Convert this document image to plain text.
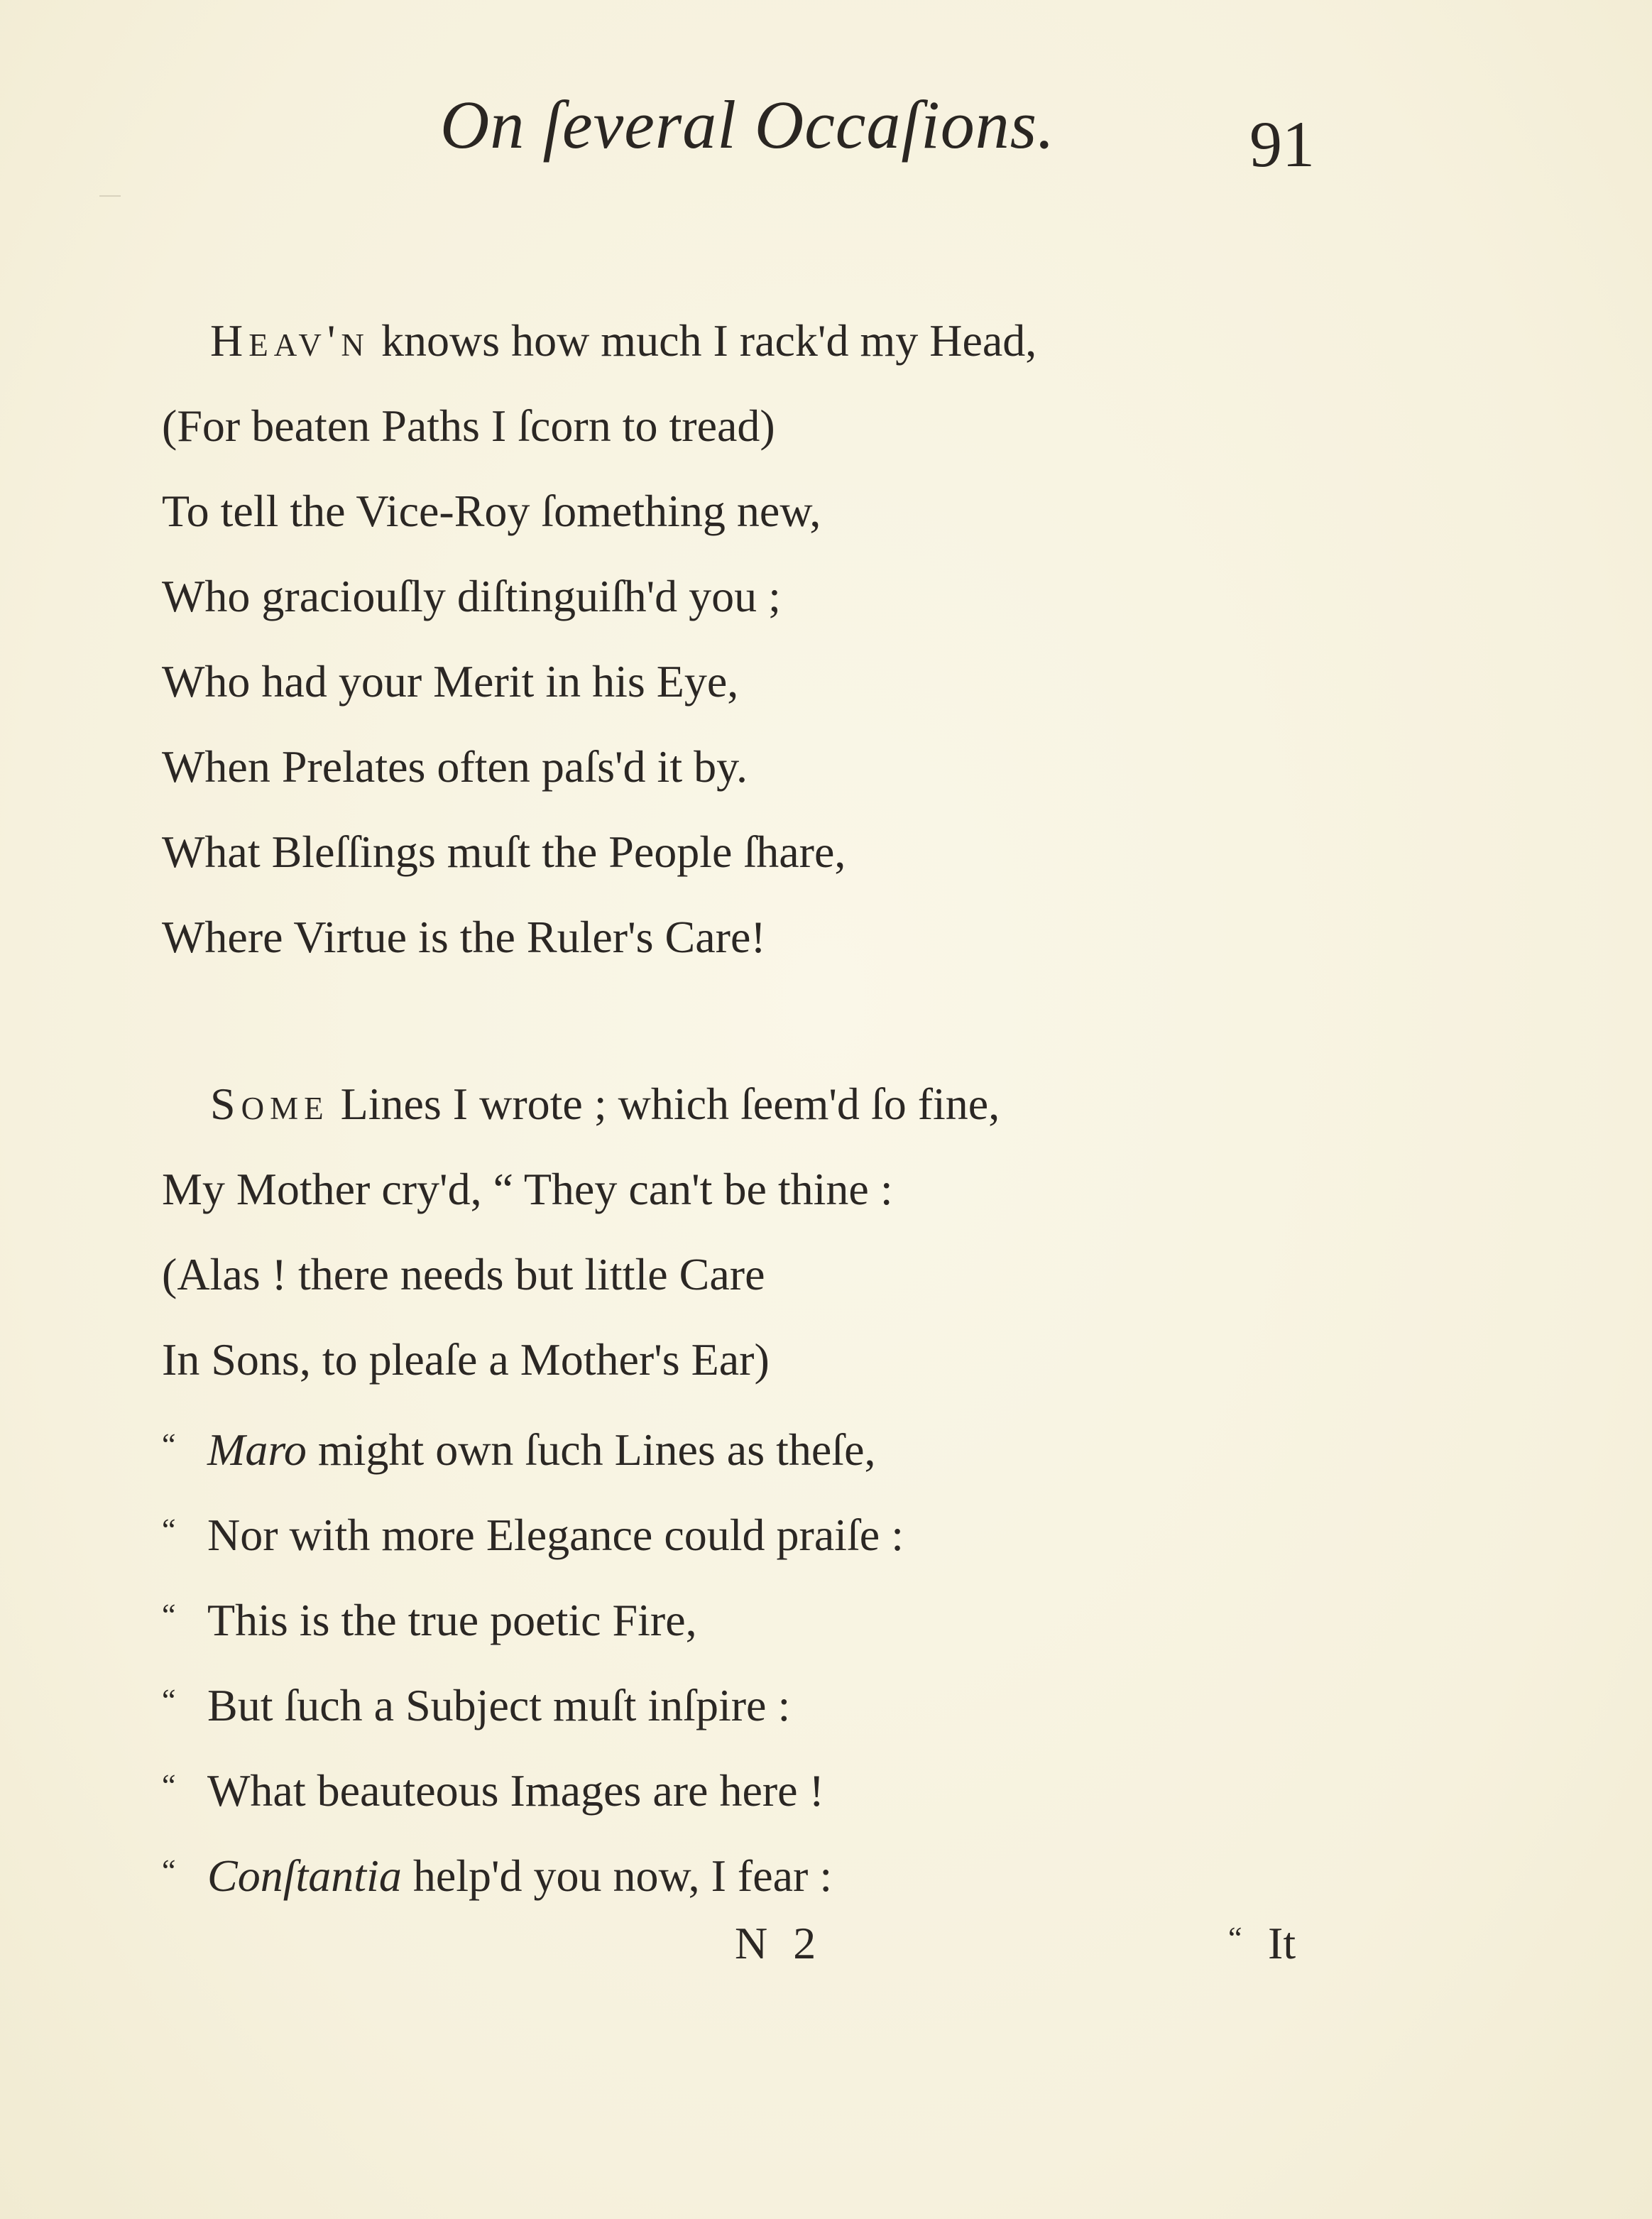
On ſeveral Occaſions.	91
Heav'n knows how much I rack'd my Head,
(For beaten Paths I ſcorn to tread)
To tell the Vice-Roy ſomething new,
Who graciouſly diſtinguiſh'd you ;
Who had your Merit in his Eye,
When Prelates often paſs'd it by.
What Bleſſings muſt the People ſhare,
Where Virtue is the Ruler's Care!
Some Lines I wrote ; which ſeem'd ſo fine,
My Mother cry'd, “ They can't be thine :
(Alas ! there needs but little Care
In Sons, to pleaſe a Mother's Ear)
“ Maro might own ſuch Lines as theſe,
“ Nor with more Elegance could praiſe :
“ This is the true poetic Fire,
“ But ſuch a Subject muſt inſpire :
“ What beauteous Images are here !
“ Conſtantia help'd you now, I fear :
N 2	“ It
